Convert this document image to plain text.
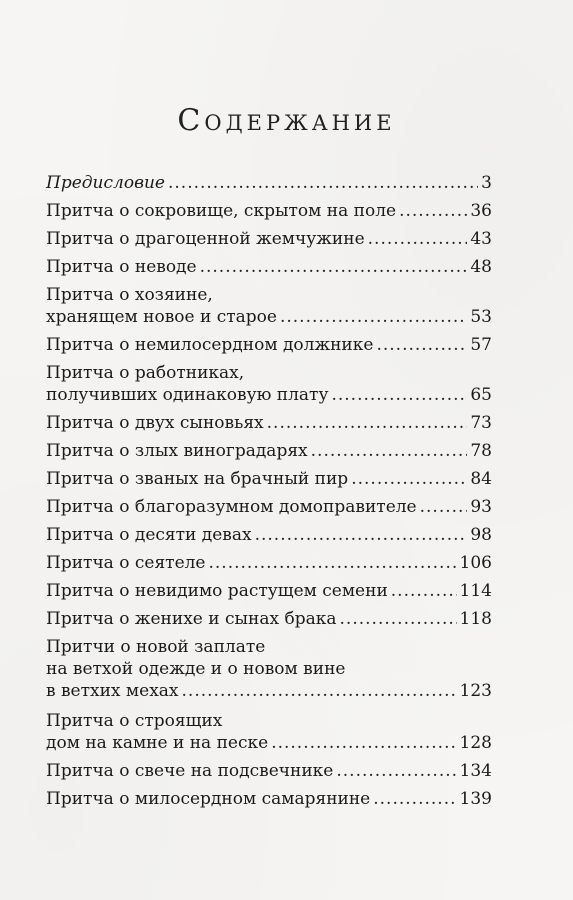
Содержание
Предисловие .....	3
Притча о сокровище, скрытом на поле .....	36
Притча о драгоценной жемчужине .....	43
Притча о неводе .....	48
Притча о хозяине,
хранящем новое и старое .....	53
Притча о немилосердном должнике .....	57
Притча о работниках,
получивших одинаковую плату .....	65
Притча о двух сыновьях .....	73
Притча о злых виноградарях .....	78
Притча о званых на брачный пир .....	84
Притча о благоразумном домоправителе .....	93
Притча о десяти девах .....	98
Притча о сеятеле .....	106
Притча о невидимо растущем семени .....	114
Притча о женихе и сынах брака .....	118
Притчи о новой заплате
на ветхой одежде и о новом вине
в ветхих мехах .....	123
Притча о строящих
дом на камне и на песке .....	128
Притча о свече на подсвечнике .....	134
Притча о милосердном самарянине .....	139
